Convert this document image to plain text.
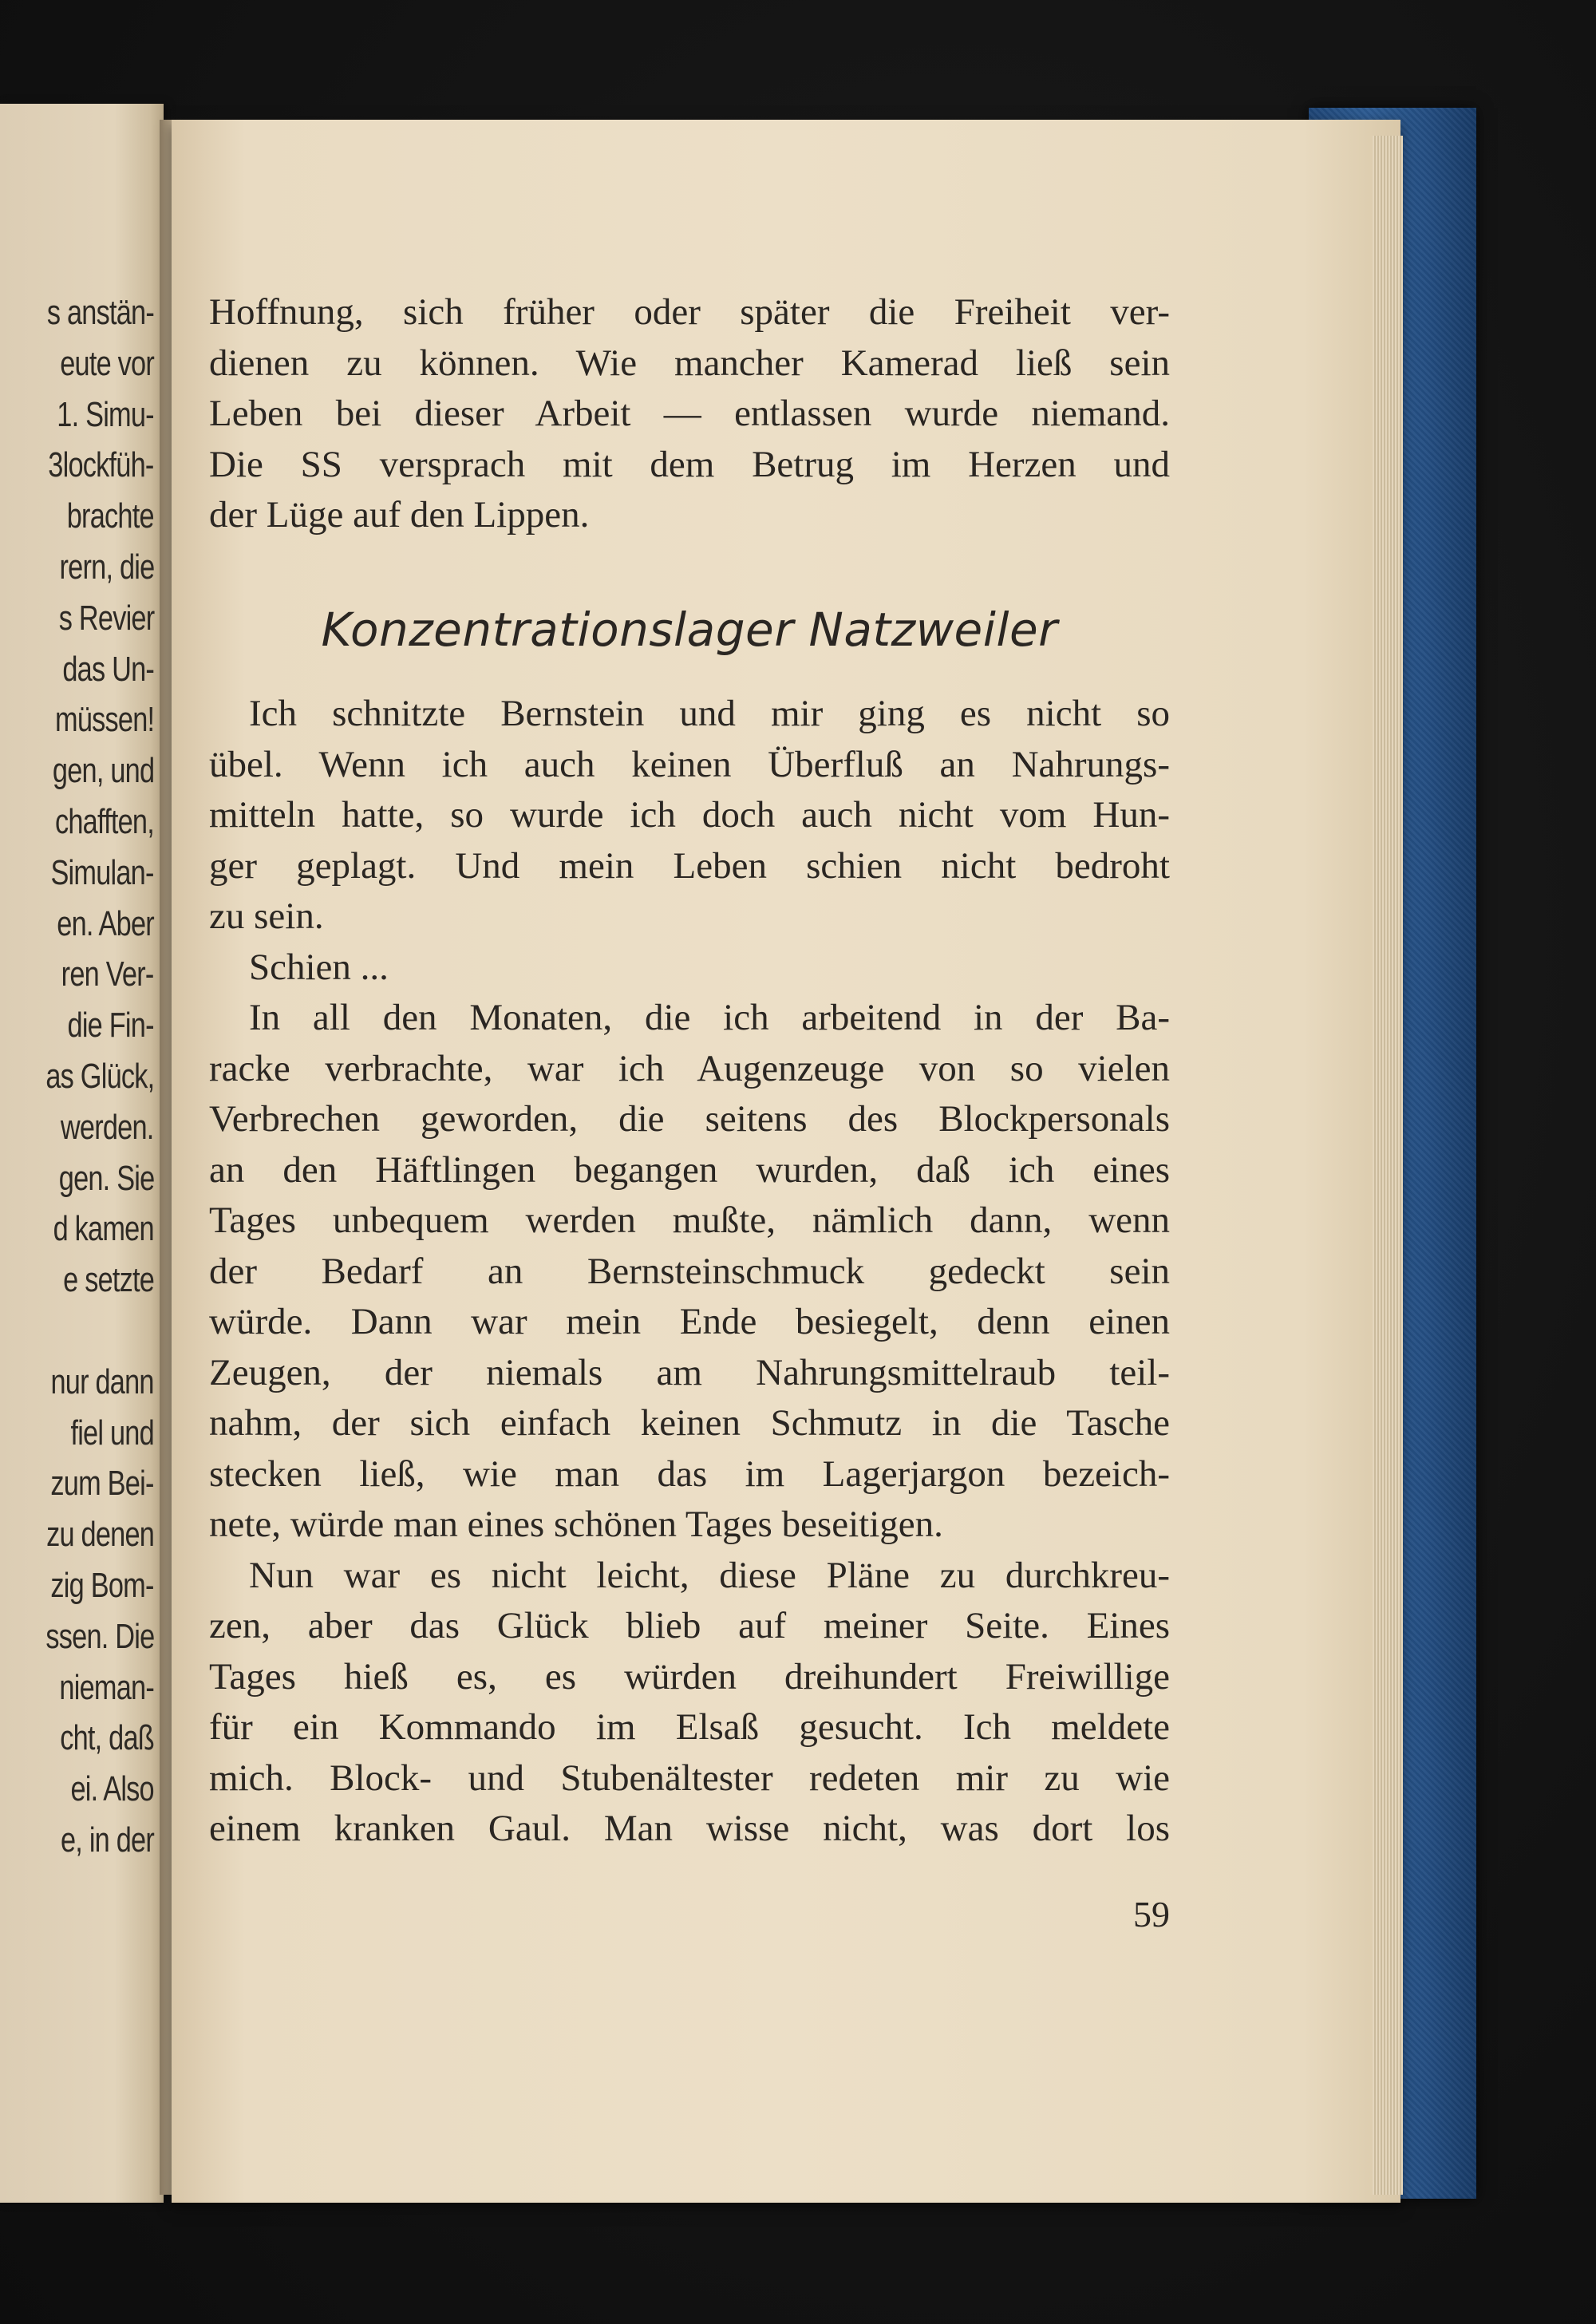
s anstän-
eute vor
1. Simu-
3lockfüh-
brachte
rern, die
s Revier
das Un-
müssen!
gen, und
chafften,
Simulan-
en. Aber
ren Ver-
die Fin-
as Glück,
werden.
gen. Sie
d kamen
e setzte
nur dann
fiel und
zum Bei-
zu denen
zig Bom-
ssen. Die
nieman-
cht, daß
ei. Also
e, in der
Hoffnung, sich früher oder später die Freiheit ver-
dienen zu können. Wie mancher Kamerad ließ sein
Leben bei dieser Arbeit — entlassen wurde niemand.
Die SS versprach mit dem Betrug im Herzen und
der Lüge auf den Lippen.
Konzentrationslager Natzweiler
Ich schnitzte Bernstein und mir ging es nicht so
übel. Wenn ich auch keinen Überfluß an Nahrungs-
mitteln hatte, so wurde ich doch auch nicht vom Hun-
ger geplagt. Und mein Leben schien nicht bedroht
zu sein.
Schien ...
In all den Monaten, die ich arbeitend in der Ba-
racke verbrachte, war ich Augenzeuge von so vielen
Verbrechen geworden, die seitens des Blockpersonals
an den Häftlingen begangen wurden, daß ich eines
Tages unbequem werden mußte, nämlich dann, wenn
der Bedarf an Bernsteinschmuck gedeckt sein
würde. Dann war mein Ende besiegelt, denn einen
Zeugen, der niemals am Nahrungsmittelraub teil-
nahm, der sich einfach keinen Schmutz in die Tasche
stecken ließ, wie man das im Lagerjargon bezeich-
nete, würde man eines schönen Tages beseitigen.
Nun war es nicht leicht, diese Pläne zu durchkreu-
zen, aber das Glück blieb auf meiner Seite. Eines
Tages hieß es, es würden dreihundert Freiwillige
für ein Kommando im Elsaß gesucht. Ich meldete
mich. Block- und Stubenältester redeten mir zu wie
einem kranken Gaul. Man wisse nicht, was dort los
59
